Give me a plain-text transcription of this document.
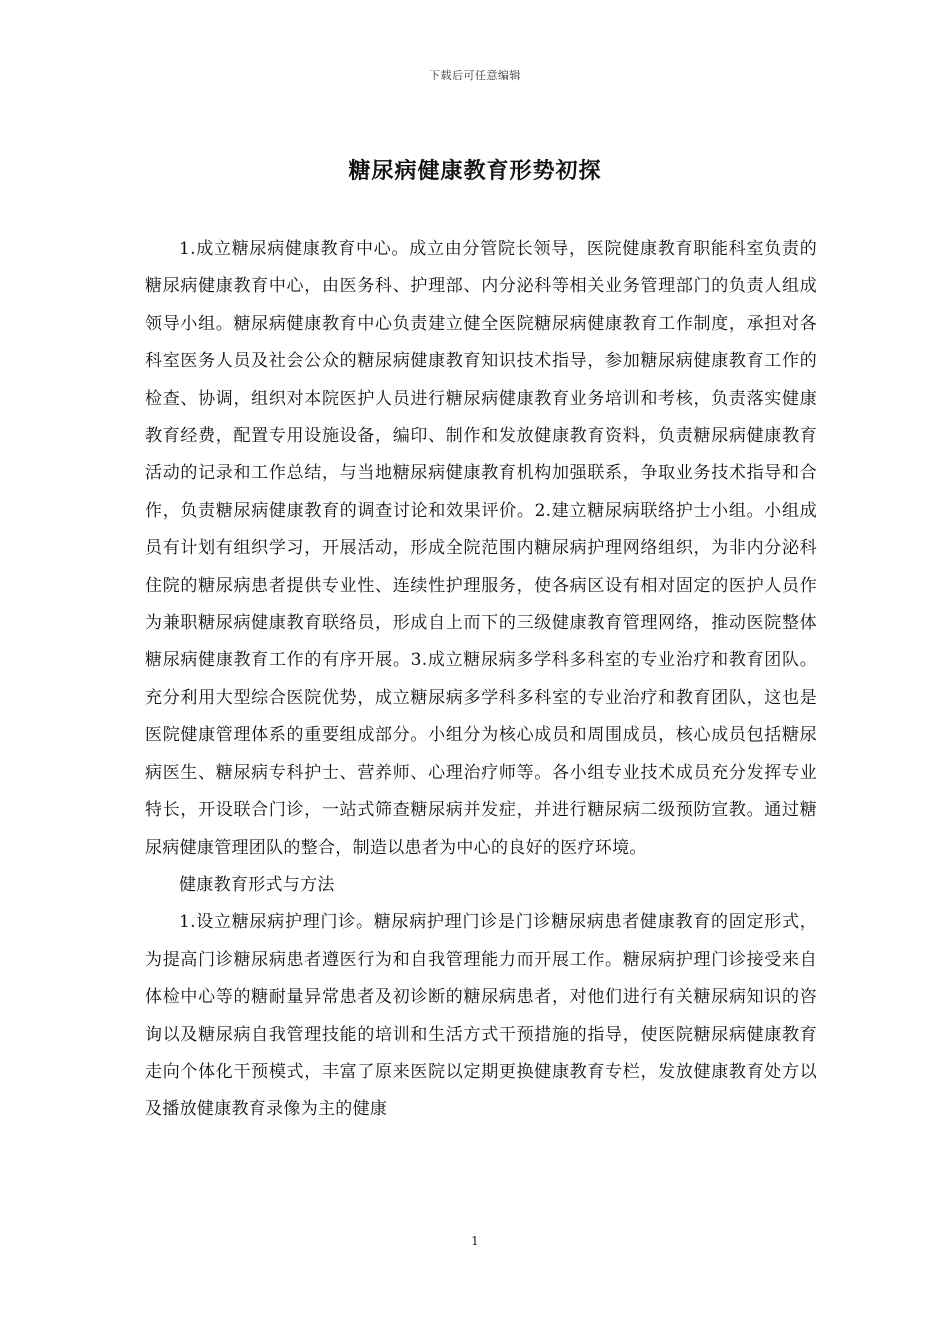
下载后可任意编辑
糖尿病健康教育形势初探

1.成立糖尿病健康教育中心。成立由分管院长领导，医院健康教育职能科室负责的糖尿病健康教育中心，由医务科、护理部、内分泌科等相关业务管理部门的负责人组成领导小组。糖尿病健康教育中心负责建立健全医院糖尿病健康教育工作制度，承担对各科室医务人员及社会公众的糖尿病健康教育知识技术指导，参加糖尿病健康教育工作的检查、协调，组织对本院医护人员进行糖尿病健康教育业务培训和考核，负责落实健康教育经费，配置专用设施设备，编印、制作和发放健康教育资料，负责糖尿病健康教育活动的记录和工作总结，与当地糖尿病健康教育机构加强联系，争取业务技术指导和合作，负责糖尿病健康教育的调查讨论和效果评价。2.建立糖尿病联络护士小组。小组成员有计划有组织学习，开展活动，形成全院范围内糖尿病护理网络组织，为非内分泌科住院的糖尿病患者提供专业性、连续性护理服务，使各病区设有相对固定的医护人员作为兼职糖尿病健康教育联络员，形成自上而下的三级健康教育管理网络，推动医院整体糖尿病健康教育工作的有序开展。3.成立糖尿病多学科多科室的专业治疗和教育团队。充分利用大型综合医院优势，成立糖尿病多学科多科室的专业治疗和教育团队，这也是医院健康管理体系的重要组成部分。小组分为核心成员和周围成员，核心成员包括糖尿病医生、糖尿病专科护士、营养师、心理治疗师等。各小组专业技术成员充分发挥专业特长，开设联合门诊，一站式筛查糖尿病并发症，并进行糖尿病二级预防宣教。通过糖尿病健康管理团队的整合，制造以患者为中心的良好的医疗环境。

健康教育形式与方法

1.设立糖尿病护理门诊。糖尿病护理门诊是门诊糖尿病患者健康教育的固定形式，为提高门诊糖尿病患者遵医行为和自我管理能力而开展工作。糖尿病护理门诊接受来自体检中心等的糖耐量异常患者及初诊断的糖尿病患者，对他们进行有关糖尿病知识的咨询以及糖尿病自我管理技能的培训和生活方式干预措施的指导，使医院糖尿病健康教育走向个体化干预模式，丰富了原来医院以定期更换健康教育专栏，发放健康教育处方以及播放健康教育录像为主的健康

1
